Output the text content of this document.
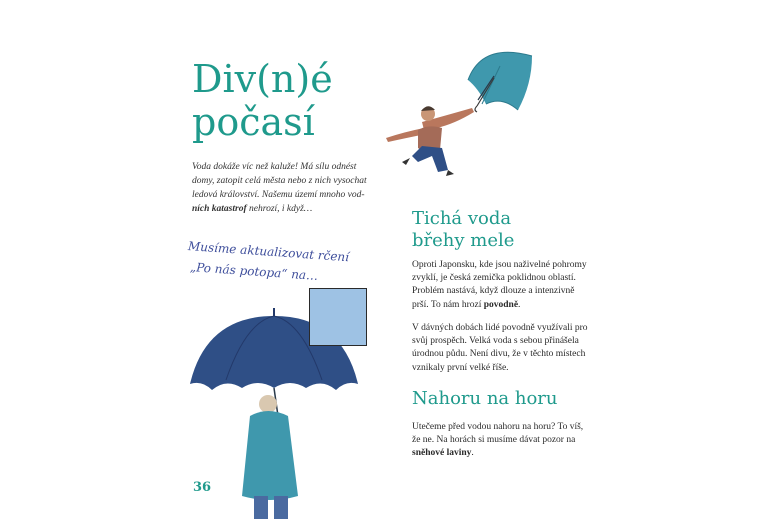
Div(n)é
počasí

Voda dokáže víc než kaluže! Má sílu odnést domy, zatopit celá města nebo z nich vysochat ledová království. Našemu území mnoho vod-ních katastrof nehrozí, i když…

Musíme aktualizovat rčení
„Po nás potopa“ na…

36

Tichá voda
břehy mele

Oproti Japonsku, kde jsou naživelné pohromy zvyklí, je česká zemička poklidnou oblastí. Problém nastává, když dlouze a intenzivně prší. To nám hrozí povodně.

V dávných dobách lidé povodně využívali pro svůj prospěch. Velká voda s sebou přinášela úrodnou půdu. Není divu, že v těchto místech vznikaly první velké říše.

Nahoru na horu

Utečeme před vodou nahoru na horu? To víš, že ne. Na horách si musíme dávat pozor na sněhové laviny.
